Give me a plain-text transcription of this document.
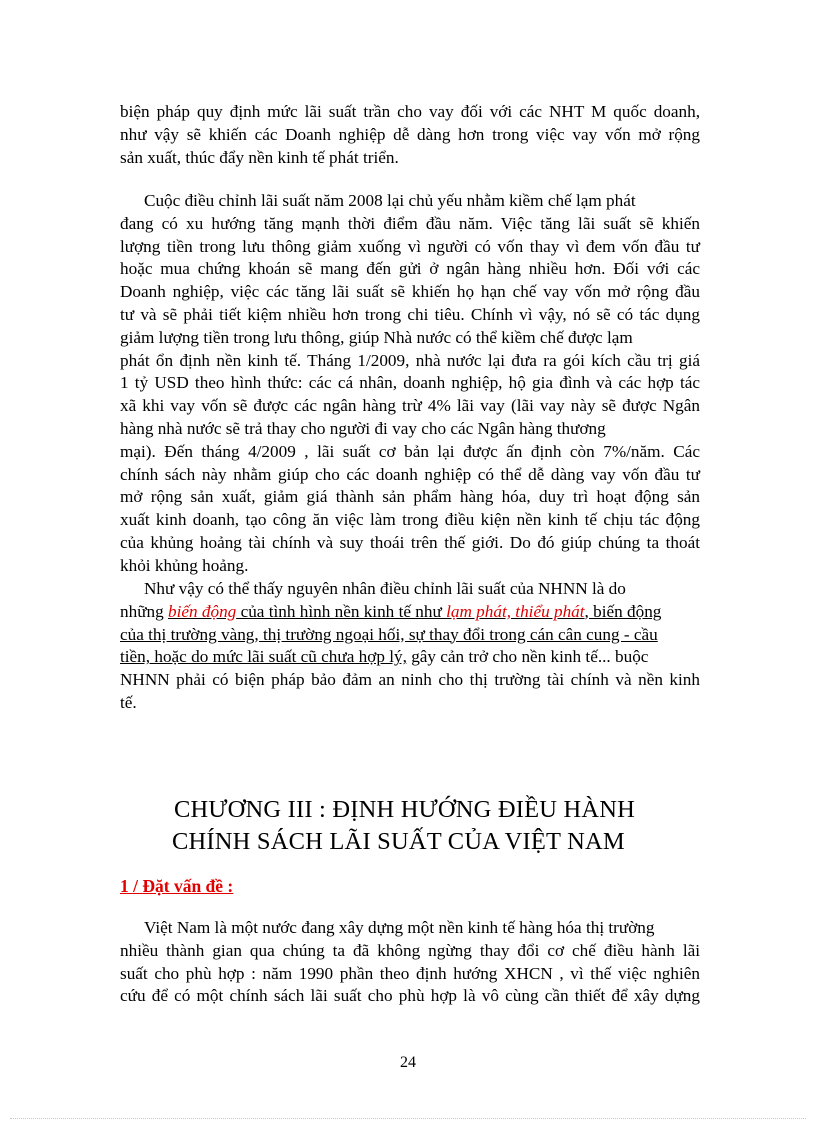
biện pháp quy định mức lãi suất trần cho vay đối với các NHT M quốc doanh,
như vậy sẽ khiến các Doanh nghiệp dễ dàng hơn trong việc vay vốn mở rộng
sản xuất, thúc đẩy nền kinh tế phát triển.
Cuộc điều chỉnh lãi suất năm 2008 lại chủ yếu nhằm kiềm chế lạm phát
đang có xu hướng tăng mạnh thời điểm đầu năm. Việc tăng lãi suất sẽ khiến
lượng tiền trong lưu thông giảm xuống vì người có vốn thay vì đem vốn đầu tư
hoặc mua chứng khoán sẽ mang đến gửi ở ngân hàng nhiều hơn. Đối với các
Doanh nghiệp, việc các tăng lãi suất sẽ khiến họ hạn chế vay vốn mở rộng đầu
tư và sẽ phải tiết kiệm nhiều hơn trong chi tiêu. Chính vì vậy, nó sẽ có tác dụng
giảm lượng tiền trong lưu thông, giúp Nhà nước có thể kiềm chế được lạm
phát ổn định nền kinh tế. Tháng 1/2009, nhà nước lại đưa ra gói kích cầu trị giá
1 tỷ USD theo hình thức: các cá nhân, doanh nghiệp, hộ gia đình và các hợp tác
xã khi vay vốn sẽ được các ngân hàng trừ 4% lãi vay (lãi vay này sẽ được Ngân
hàng nhà nước sẽ trả thay cho người đi vay cho các Ngân hàng thương
mại). Đến tháng 4/2009 , lãi suất cơ bản lại được ấn định còn 7%/năm. Các
chính sách này nhằm giúp cho các doanh nghiệp có thể dễ dàng vay vốn đầu tư
mở rộng sản xuất, giảm giá thành sản phẩm hàng hóa, duy trì hoạt động sản
xuất kinh doanh, tạo công ăn việc làm trong điều kiện nền kinh tế chịu tác động
của khủng hoảng tài chính và suy thoái trên thế giới. Do đó giúp chúng ta thoát
khỏi khủng hoảng.
Như vậy có thể thấy nguyên nhân điều chỉnh lãi suất của NHNN là do
những biến động của tình hình nền kinh tế như lạm phát, thiểu phát, biến động
của thị trường vàng, thị trường ngoại hối, sự thay đổi trong cán cân cung - cầu
tiền, hoặc do mức lãi suất cũ chưa hợp lý, gây cản trở cho nền kinh tế... buộc
NHNN phải có biện pháp bảo đảm an ninh cho thị trường tài chính và nền kinh
tế.
CHƯƠNG III : ĐỊNH HƯỚNG ĐIỀU HÀNH
CHÍNH SÁCH LÃI SUẤT CỦA VIỆT NAM
1 / Đặt vấn đề :
Việt Nam là một nước đang xây dựng một nền kinh tế hàng hóa thị trường
nhiều thành gian qua chúng ta đã không ngừng thay đổi cơ chế điều hành lãi
suất cho phù hợp : năm 1990 phần theo định hướng XHCN , vì thế việc nghiên
cứu để có một chính sách lãi suất cho phù hợp là vô cùng cần thiết để xây dựng
24
